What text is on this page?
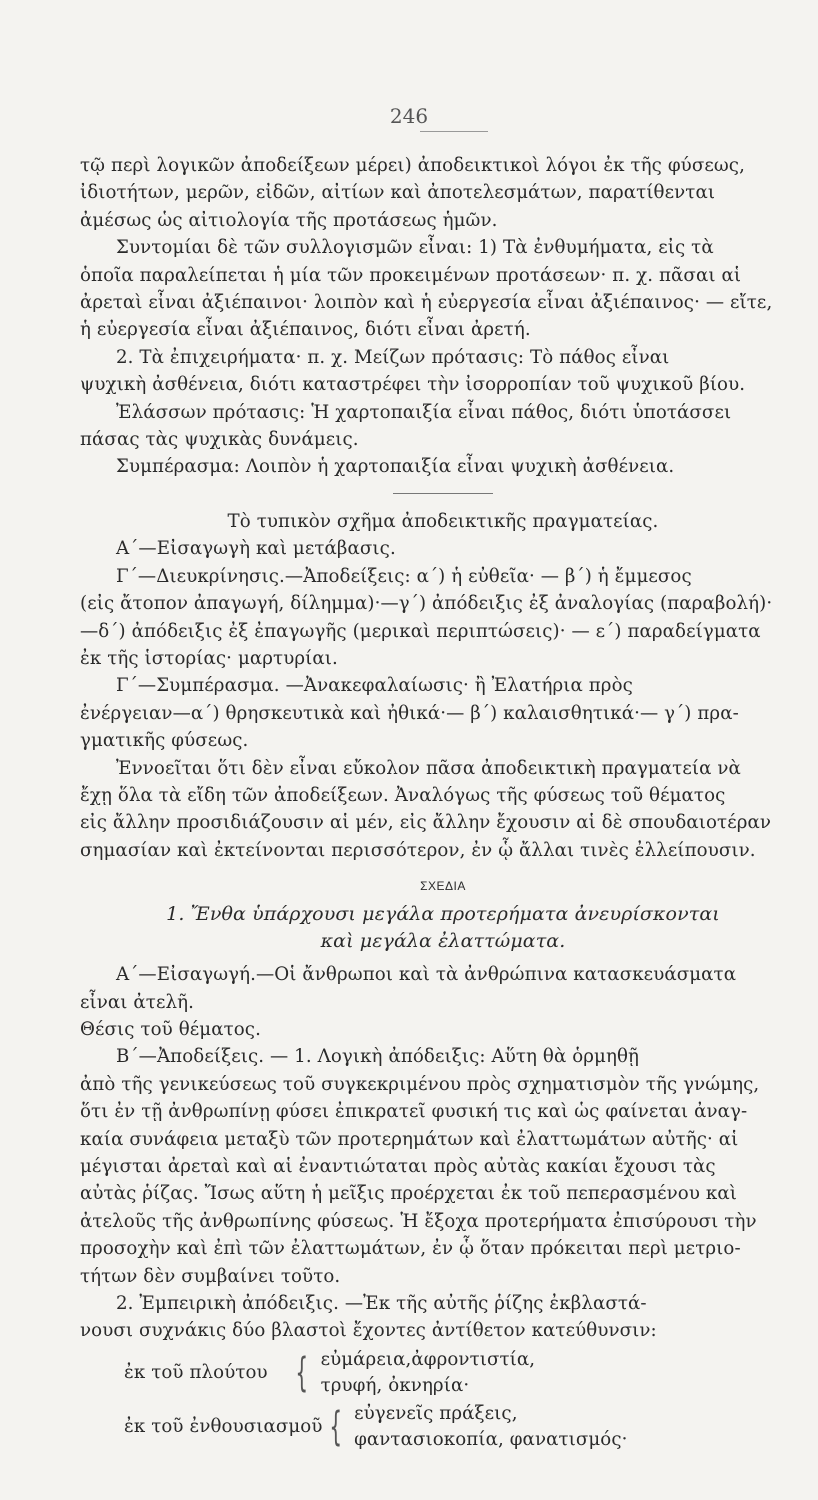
246

τῷ περὶ λογικῶν ἀποδείξεων μέρει) ἀποδεικτικοὶ λόγοι ἐκ τῆς φύσεως,

ἰδιοτήτων, μερῶν, εἰδῶν, αἰτίων καὶ ἀποτελεσμάτων, παρατίθενται

ἀμέσως ὡς αἰτιολογία τῆς προτάσεως ἡμῶν.

Συντομίαι δὲ τῶν συλλογισμῶν εἶναι: 1) Τὰ ἐνθυμήματα, εἰς τὰ

ὁποῖα παραλείπεται ἡ μία τῶν προκειμένων προτάσεων· π. χ. πᾶσαι αἱ

ἀρεταὶ εἶναι ἀξιέπαινοι· λοιπὸν καὶ ἡ εὐεργεσία εἶναι ἀξιέπαινος· — εἴτε,

ἡ εὐεργεσία εἶναι ἀξιέπαινος, διότι εἶναι ἀρετή.

2. Τὰ ἐπιχειρήματα· π. χ. Μείζων πρότασις: Τὸ πάθος εἶναι

ψυχικὴ ἀσθένεια, διότι καταστρέφει τὴν ἰσορροπίαν τοῦ ψυχικοῦ βίου.

Ἐλάσσων πρότασις: Ἡ χαρτοπαιξία εἶναι πάθος, διότι ὑποτάσσει

πάσας τὰς ψυχικὰς δυνάμεις.

Συμπέρασμα: Λοιπὸν ἡ χαρτοπαιξία εἶναι ψυχικὴ ἀσθένεια.

Τὸ τυπικὸν σχῆμα ἀποδεικτικῆς πραγματείας.

Α΄—Εἰσαγωγὴ καὶ μετάβασις.

Γ΄—Διευκρίνησις.—Ἀποδείξεις: α΄) ἡ εὐθεῖα· — β΄) ἡ ἔμμεσος

(εἰς ἄτοπον ἀπαγωγή, δίλημμα)·—γ΄) ἀπόδειξις ἐξ ἀναλογίας (παραβολή)·

—δ΄) ἀπόδειξις ἐξ ἐπαγωγῆς (μερικαὶ περιπτώσεις)· — ε΄) παραδείγματα

ἐκ τῆς ἱστορίας· μαρτυρίαι.

Γ΄—Συμπέρασμα. —Ἀνακεφαλαίωσις· ἢ Ἐλατήρια πρὸς

ἐνέργειαν—α΄) θρησκευτικὰ καὶ ἠθικά·— β΄) καλαισθητικά·— γ΄) πρα-

γματικῆς φύσεως.

Ἐννοεῖται ὅτι δὲν εἶναι εὔκολον πᾶσα ἀποδεικτικὴ πραγματεία νὰ

ἔχῃ ὅλα τὰ εἴδη τῶν ἀποδείξεων. Ἀναλόγως τῆς φύσεως τοῦ θέματος

εἰς ἄλλην προσιδιάζουσιν αἱ μέν, εἰς ἄλλην ἔχουσιν αἱ δὲ σπουδαιοτέραν

σημασίαν καὶ ἐκτείνονται περισσότερον, ἐν ᾧ ἄλλαι τινὲς ἐλλείπουσιν.

ΣΧΕΔΙΑ

1. Ἔνθα ὑπάρχουσι μεγάλα προτερήματα ἀνευρίσκονται

καὶ μεγάλα ἐλαττώματα.

Α΄—Εἰσαγωγή.—Οἱ ἄνθρωποι καὶ τὰ ἀνθρώπινα κατασκευάσματα

εἶναι ἀτελῆ.

Θέσις τοῦ θέματος.

Β΄—Ἀποδείξεις. — 1. Λογικὴ ἀπόδειξις: Αὕτη θὰ ὁρμηθῇ

ἀπὸ τῆς γενικεύσεως τοῦ συγκεκριμένου πρὸς σχηματισμὸν τῆς γνώμης,

ὅτι ἐν τῇ ἀνθρωπίνῃ φύσει ἐπικρατεῖ φυσική τις καὶ ὡς φαίνεται ἀναγ-

καία συνάφεια μεταξὺ τῶν προτερημάτων καὶ ἐλαττωμάτων αὐτῆς· αἱ

μέγισται ἀρεταὶ καὶ αἱ ἐναντιώταται πρὸς αὐτὰς κακίαι ἔχουσι τὰς

αὐτὰς ῥίζας. Ἴσως αὕτη ἡ μεῖξις προέρχεται ἐκ τοῦ πεπερασμένου καὶ

ἀτελοῦς τῆς ἀνθρωπίνης φύσεως. Ἡ ἔξοχα προτερήματα ἐπισύρουσι τὴν

προσοχὴν καὶ ἐπὶ τῶν ἐλαττωμάτων, ἐν ᾧ ὅταν πρόκειται περὶ μετριο-

τήτων δὲν συμβαίνει τοῦτο.

2. Ἐμπειρικὴ ἀπόδειξις. —Ἐκ τῆς αὐτῆς ῥίζης ἐκβλαστά-

νουσι συχνάκις δύο βλαστοὶ ἔχοντες ἀντίθετον κατεύθυνσιν:

ἐκ τοῦ πλούτου { εὐμάρεια,ἀφροντιστία,
τρυφή, ὀκνηρία·
ἐκ τοῦ ἐνθουσιασμοῦ { εὐγενεῖς πράξεις,
φαντασιοκοπία, φανατισμός·
